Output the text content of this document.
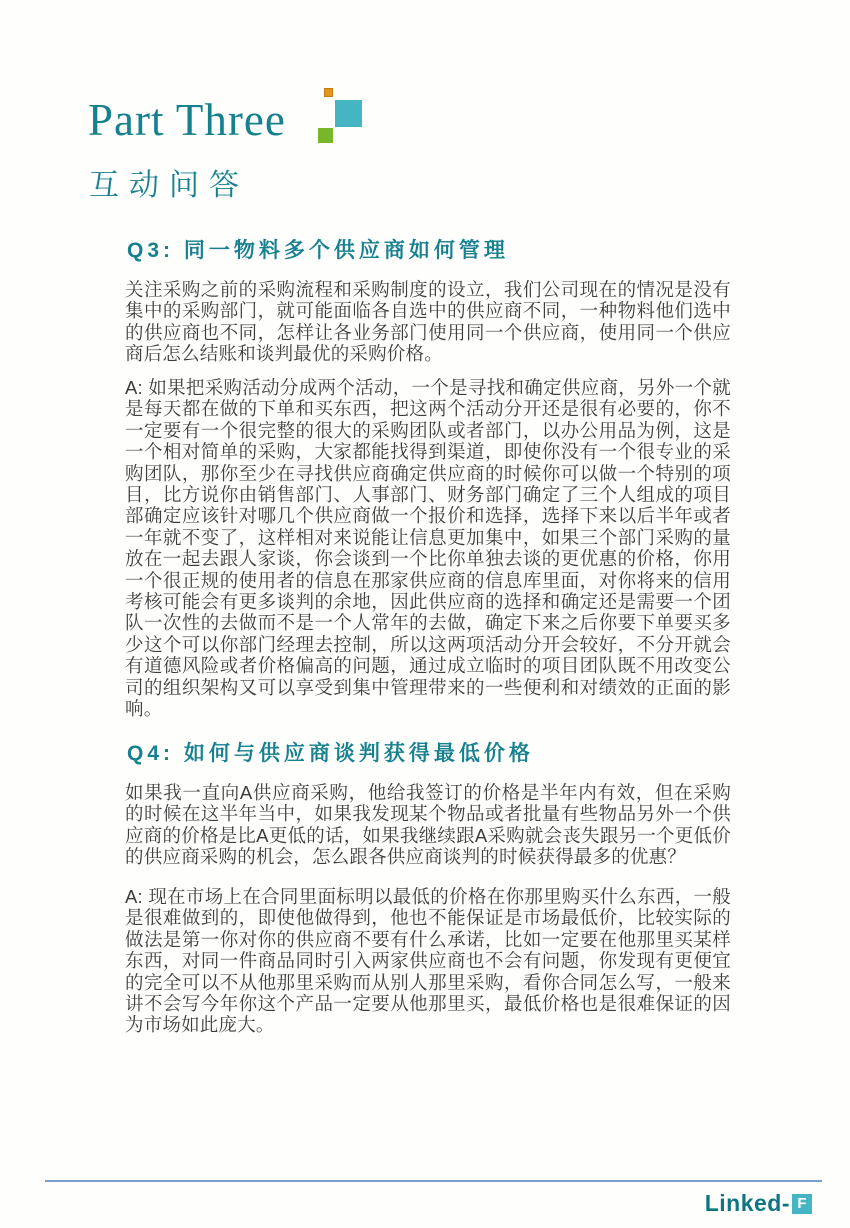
Part Three
互动问答
Q3: 同一物料多个供应商如何管理
关注采购之前的采购流程和采购制度的设立，我们公司现在的情况是没有集中的采购部门，就可能面临各自选中的供应商不同，一种物料他们选中的供应商也不同，怎样让各业务部门使用同一个供应商，使用同一个供应商后怎么结账和谈判最优的采购价格。
A: 如果把采购活动分成两个活动，一个是寻找和确定供应商，另外一个就是每天都在做的下单和买东西，把这两个活动分开还是很有必要的，你不一定要有一个很完整的很大的采购团队或者部门，以办公用品为例，这是一个相对简单的采购，大家都能找得到渠道，即使你没有一个很专业的采购团队，那你至少在寻找供应商确定供应商的时候你可以做一个特别的项目，比方说你由销售部门、人事部门、财务部门确定了三个人组成的项目部确定应该针对哪几个供应商做一个报价和选择，选择下来以后半年或者一年就不变了，这样相对来说能让信息更加集中，如果三个部门采购的量放在一起去跟人家谈，你会谈到一个比你单独去谈的更优惠的价格，你用一个很正规的使用者的信息在那家供应商的信息库里面，对你将来的信用考核可能会有更多谈判的余地，因此供应商的选择和确定还是需要一个团队一次性的去做而不是一个人常年的去做，确定下来之后你要下单要买多少这个可以你部门经理去控制，所以这两项活动分开会较好，不分开就会有道德风险或者价格偏高的问题，通过成立临时的项目团队既不用改变公司的组织架构又可以享受到集中管理带来的一些便利和对绩效的正面的影响。
Q4: 如何与供应商谈判获得最低价格
如果我一直向A供应商采购，他给我签订的价格是半年内有效，但在采购的时候在这半年当中，如果我发现某个物品或者批量有些物品另外一个供应商的价格是比A更低的话，如果我继续跟A采购就会丧失跟另一个更低价的供应商采购的机会，怎么跟各供应商谈判的时候获得最多的优惠？
A: 现在市场上在合同里面标明以最低的价格在你那里购买什么东西，一般是很难做到的，即使他做得到，他也不能保证是市场最低价，比较实际的做法是第一你对你的供应商不要有什么承诺，比如一定要在他那里买某样东西，对同一件商品同时引入两家供应商也不会有问题，你发现有更便宜的完全可以不从他那里采购而从别人那里采购，看你合同怎么写，一般来讲不会写今年你这个产品一定要从他那里买，最低价格也是很难保证的因为市场如此庞大。
Linked- F
